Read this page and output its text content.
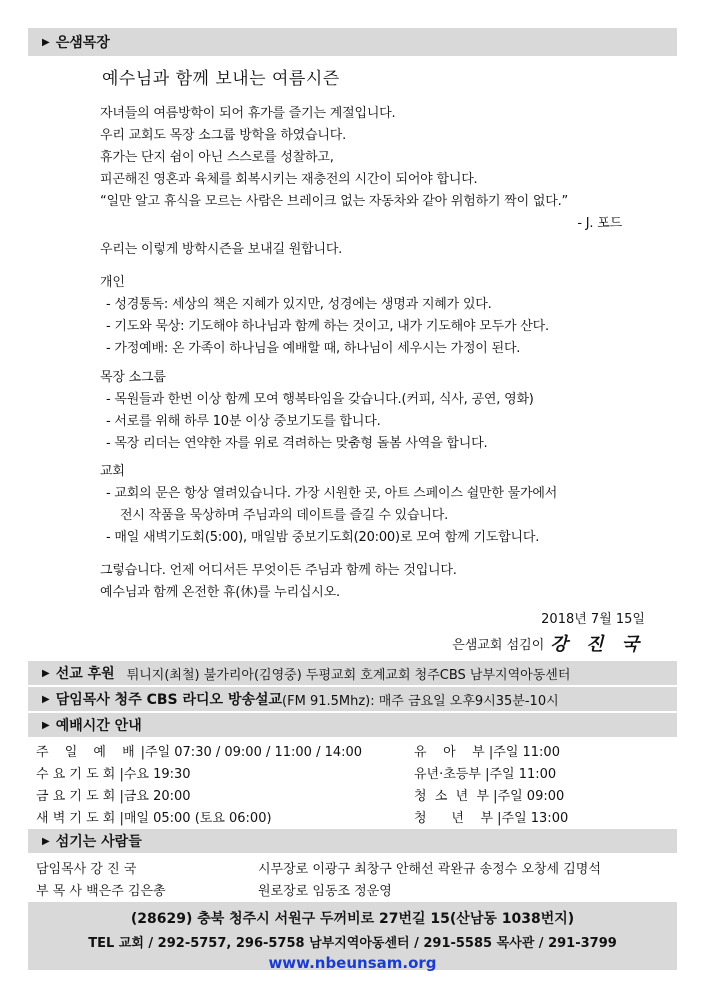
▶ 은샘목장
예수님과 함께 보내는 여름시즌
자녀들의 여름방학이 되어 휴가를 즐기는 계절입니다.
우리 교회도 목장 소그룹 방학을 하였습니다.
휴가는 단지 쉼이 아닌 스스로를 성찰하고,
피곤해진 영혼과 육체를 회복시키는 재충전의 시간이 되어야 합니다.
“일만 알고 휴식을 모르는 사람은 브레이크 없는 자동차와 같아 위험하기 짝이 없다.”
- J. 포드
우리는 이렇게 방학시즌을 보내길 원합니다.
개인
- 성경통독: 세상의 책은 지혜가 있지만, 성경에는 생명과 지혜가 있다.
- 기도와 묵상: 기도해야 하나님과 함께 하는 것이고, 내가 기도해야 모두가 산다.
- 가정예배: 온 가족이 하나님을 예배할 때, 하나님이 세우시는 가정이 된다.
목장 소그룹
- 목원들과 한번 이상 함께 모여 행복타임을 갖습니다.(커피, 식사, 공연, 영화)
- 서로를 위해 하루 10분 이상 중보기도를 합니다.
- 목장 리더는 연약한 자를 위로 격려하는 맞춤형 돌봄 사역을 합니다.
교회
- 교회의 문은 항상 열려있습니다. 가장 시원한 곳, 아트 스페이스 쉴만한 물가에서
전시 작품을 묵상하며 주님과의 데이트를 즐길 수 있습니다.
- 매일 새벽기도회(5:00), 매일밤 중보기도회(20:00)로 모여 함께 기도합니다.
그렇습니다. 언제 어디서든 무엇이든 주님과 함께 하는 것입니다.
예수님과 함께 온전한 휴(休)를 누리십시오.
2018년 7월 15일
은샘교회 섬김이 강 진 국
▶ 선교 후원 튀니지(최철) 불가리아(김영중) 두평교회 호계교회 청주CBS 남부지역아동센터
▶ 담임목사 청주 CBS 라디오 방송설교 (FM 91.5Mhz): 매주 금요일 오후9시35분-10시
▶ 예배시간 안내
주 일 예 배|주일 07:30 / 09:00 / 11:00 / 14:00	유    아    부 |주일 11:00
수 요 기 도 회 |수요 19:30	유년·초등부 |주일 11:00
금 요 기 도 회 |금요 20:00	청  소  년  부 |주일 09:00
새 벽 기 도 회 |매일 05:00 (토요 06:00)	청      년    부 |주일 13:00
▶ 섬기는 사람들
담임목사 강 진 국	시무장로 이광구 최창구 안해선 곽완규 송정수 오창세 김명석
부 목 사 백은주 김은총	원로장로 임동조 정운영
(28629) 충북 청주시 서원구 두꺼비로 27번길 15(산남동 1038번지)
TEL 교회 / 292-5757, 296-5758 남부지역아동센터 / 291-5585 목사관 / 291-3799
www.nbeunsam.org
